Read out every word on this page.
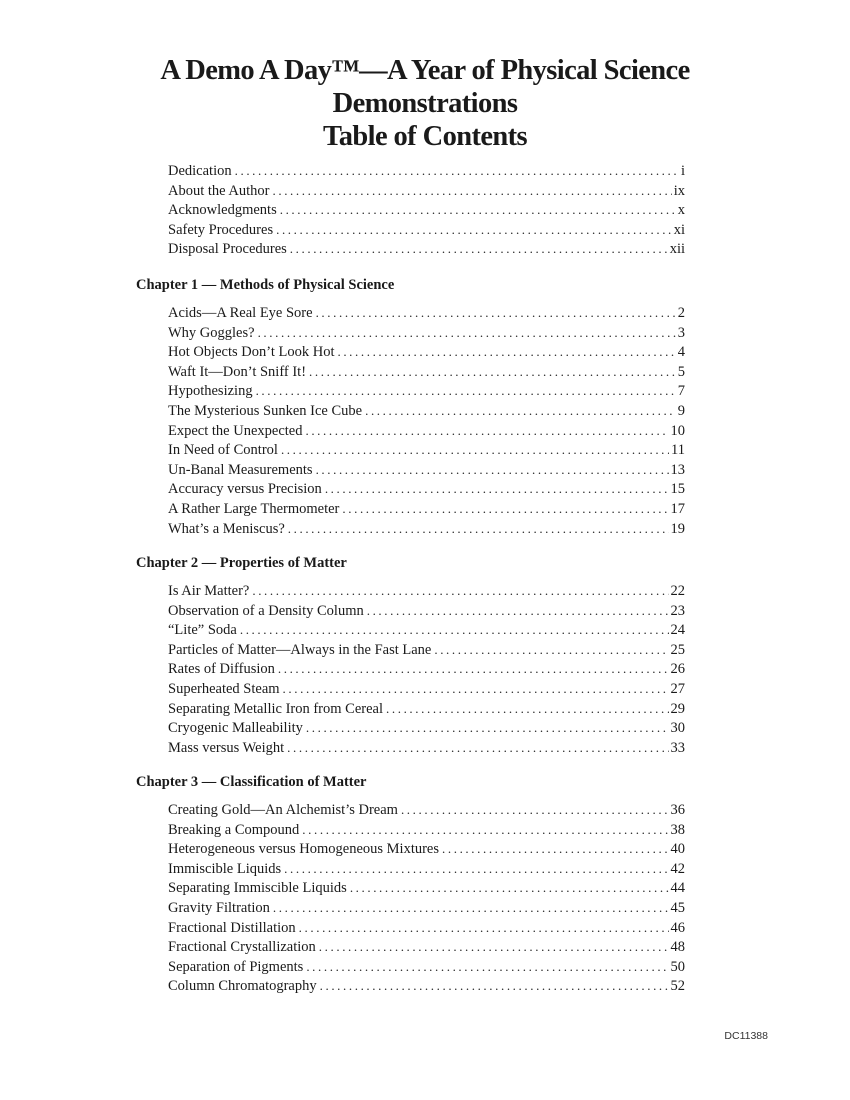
A Demo A Day™—A Year of Physical Science
Demonstrations
Table of Contents
Dedication .....	i
About the Author .....	ix
Acknowledgments .....	x
Safety Procedures .....	xi
Disposal Procedures .....	xii
Chapter 1 — Methods of Physical Science
Acids—A Real Eye Sore .....	2
Why Goggles? .....	3
Hot Objects Don’t Look Hot .....	4
Waft It—Don’t Sniff It! .....	5
Hypothesizing .....	7
The Mysterious Sunken Ice Cube .....	9
Expect the Unexpected .....	10
In Need of Control .....	11
Un-Banal Measurements .....	13
Accuracy versus Precision .....	15
A Rather Large Thermometer .....	17
What’s a Meniscus? .....	19
Chapter 2 — Properties of Matter
Is Air Matter? .....	22
Observation of a Density Column .....	23
“Lite” Soda .....	24
Particles of Matter—Always in the Fast Lane .....	25
Rates of Diffusion .....	26
Superheated Steam .....	27
Separating Metallic Iron from Cereal .....	29
Cryogenic Malleability .....	30
Mass versus Weight .....	33
Chapter 3 — Classification of Matter
Creating Gold—An Alchemist’s Dream .....	36
Breaking a Compound .....	38
Heterogeneous versus Homogeneous Mixtures .....	40
Immiscible Liquids .....	42
Separating Immiscible Liquids .....	44
Gravity Filtration .....	45
Fractional Distillation .....	46
Fractional Crystallization .....	48
Separation of Pigments .....	50
Column Chromatography .....	52
DC11388
